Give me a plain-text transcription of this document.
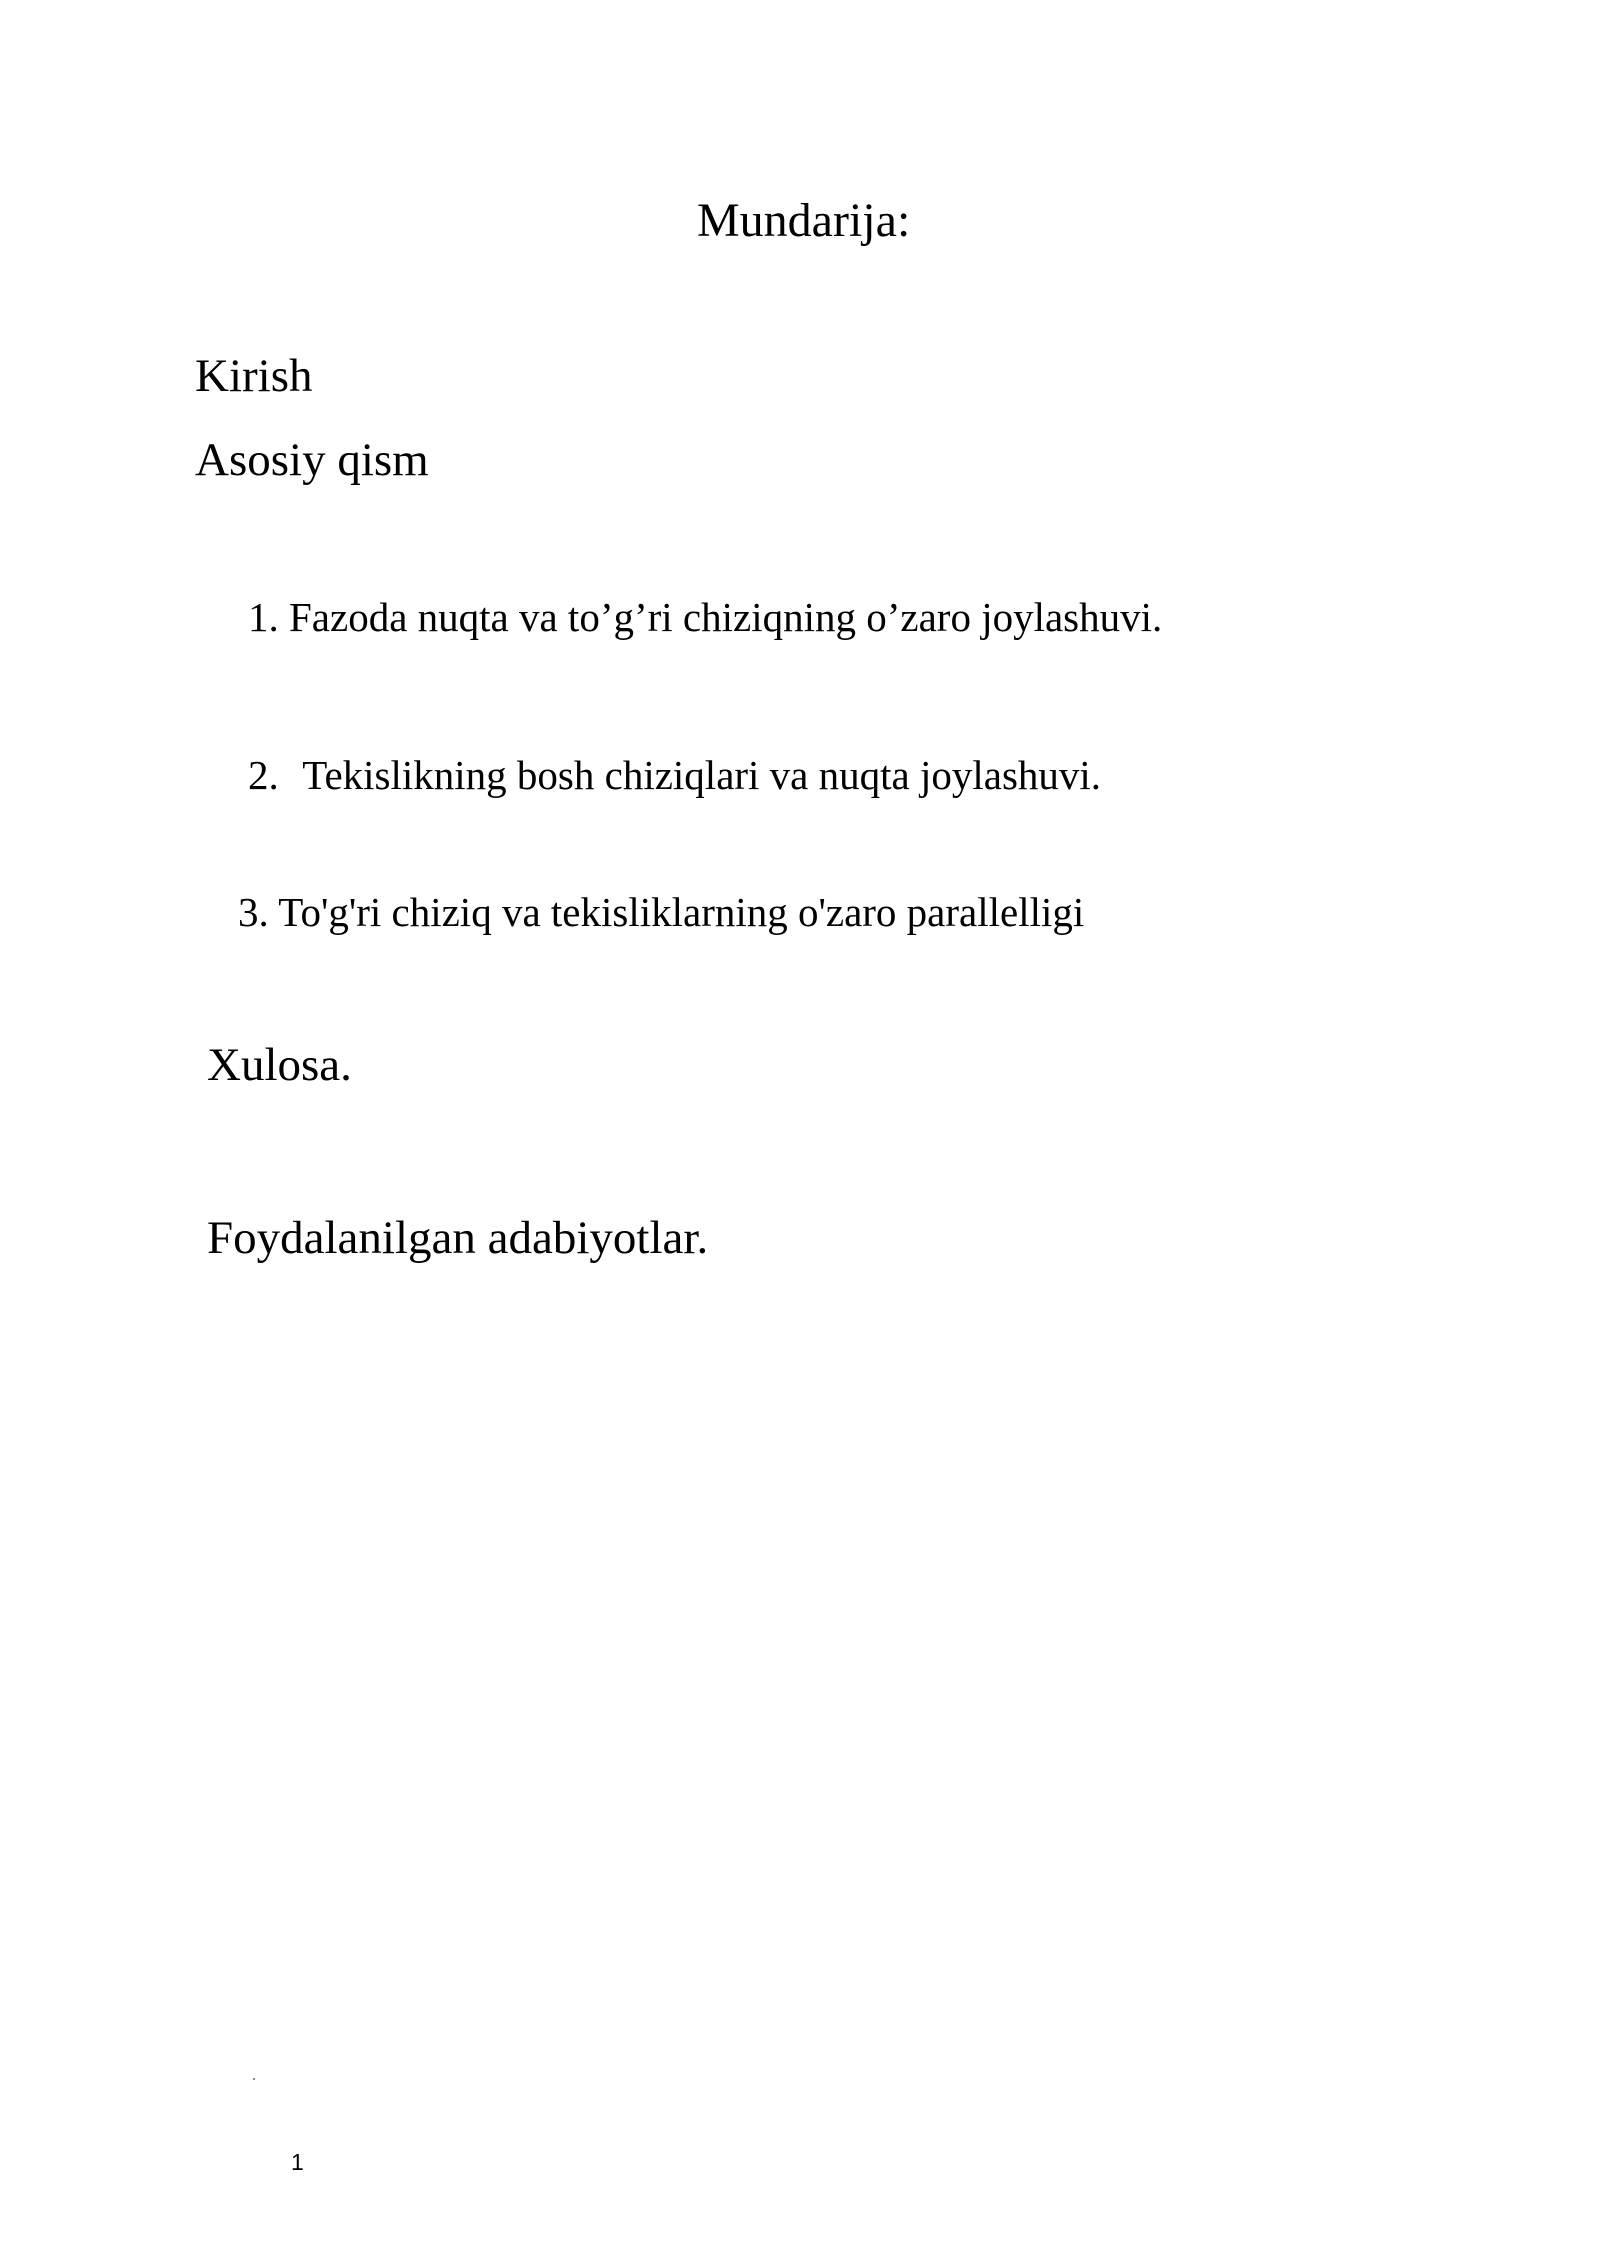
Mundarija:
Kirish
Asosiy qism
1. Fazoda nuqta va to’g’ri chiziqning o’zaro joylashuvi.
2. Tekislikning bosh chiziqlari va nuqta joylashuvi.
3. To'g'ri chiziq va tekisliklarning o'zaro parallelligi
Xulosa.
Foydalanilgan adabiyotlar.
1
